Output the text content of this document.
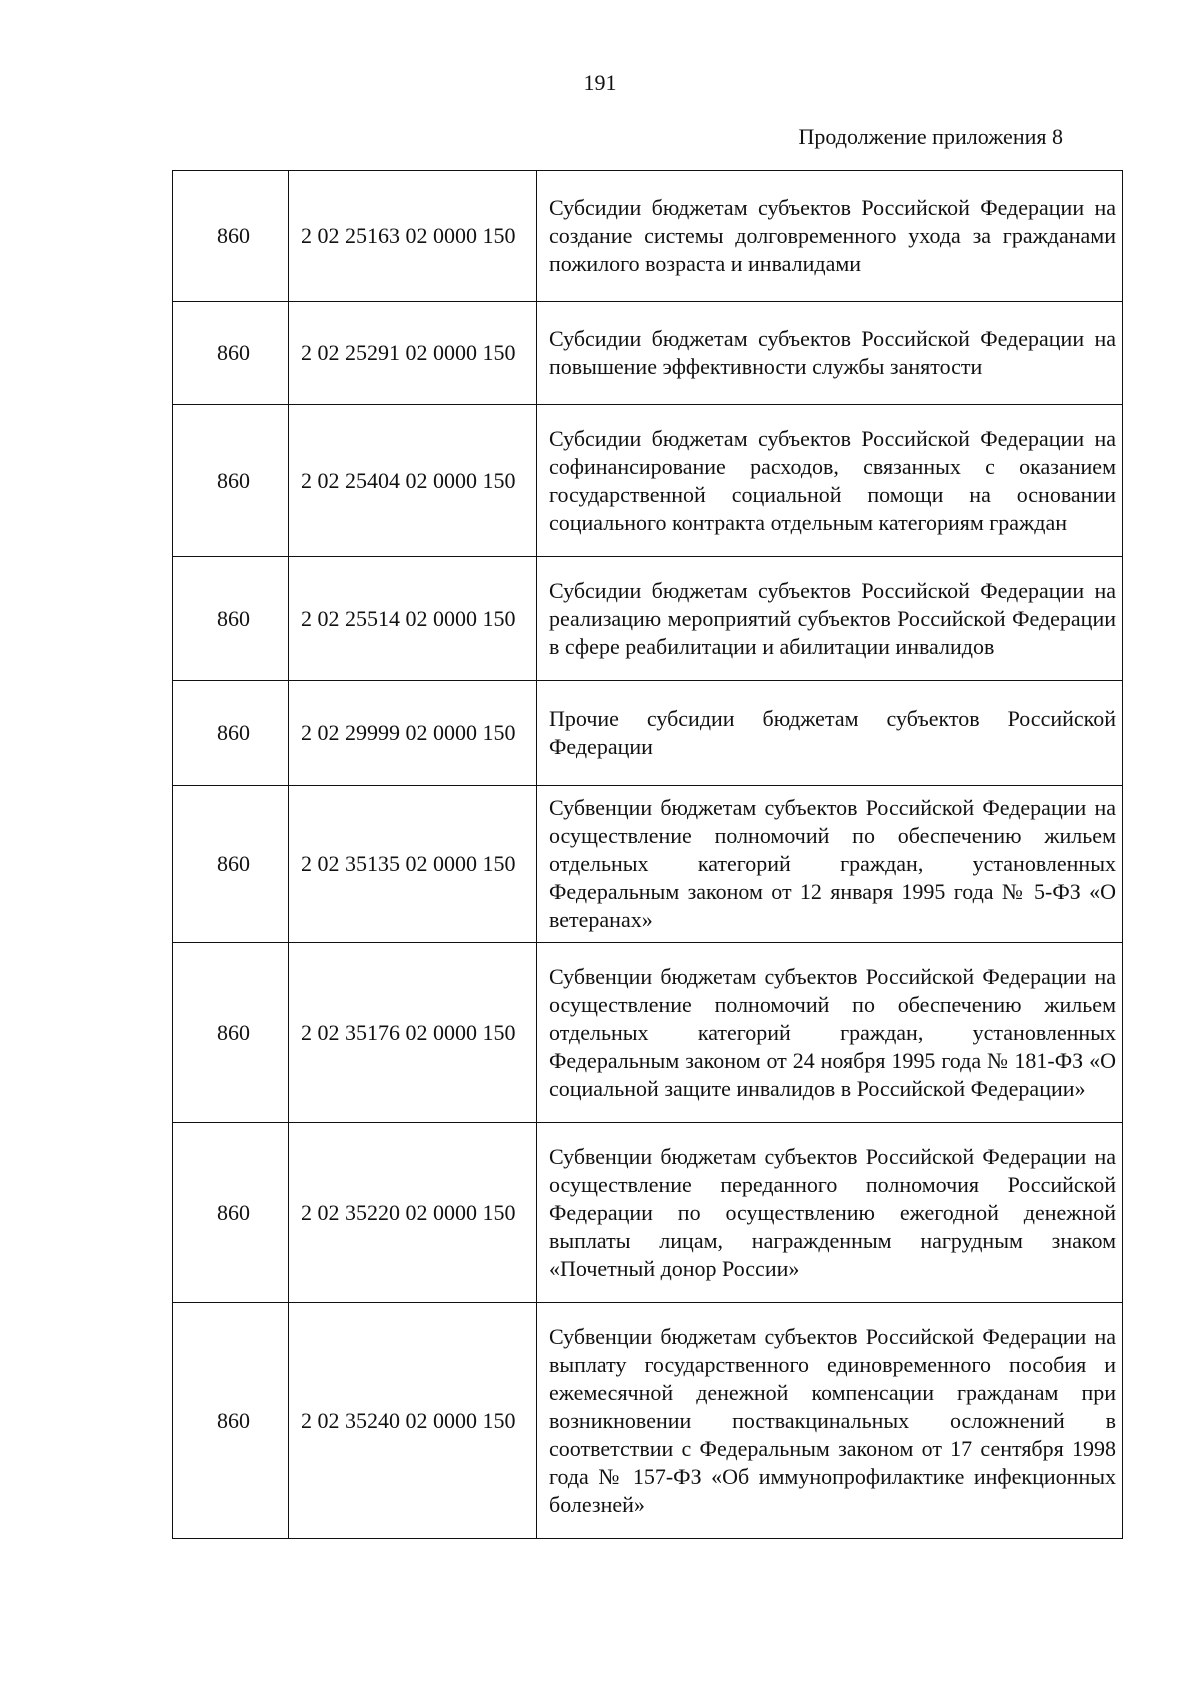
191
Продолжение приложения 8
860	2 02 25163 02 0000 150	Субсидии бюджетам субъектов Российской Федерации на создание системы долговременного ухода за гражданами пожилого возраста и инвалидами
860	2 02 25291 02 0000 150	Субсидии бюджетам субъектов Российской Федерации на повышение эффективности службы занятости
860	2 02 25404 02 0000 150	Субсидии бюджетам субъектов Российской Федерации на софинансирование расходов, связанных с оказанием государственной социальной помощи на основании социального контракта отдельным категориям граждан
860	2 02 25514 02 0000 150	Субсидии бюджетам субъектов Российской Федерации на реализацию мероприятий субъектов Российской Федерации в сфере реабилитации и абилитации инвалидов
860	2 02 29999 02 0000 150	Прочие субсидии бюджетам субъектов Российской Федерации
860	2 02 35135 02 0000 150	Субвенции бюджетам субъектов Российской Федерации на осуществление полномочий по обеспечению жильем отдельных категорий граждан, установленных Федеральным законом от 12 января 1995 года № 5-ФЗ «О ветеранах»
860	2 02 35176 02 0000 150	Субвенции бюджетам субъектов Российской Федерации на осуществление полномочий по обеспечению жильем отдельных категорий граждан, установленных Федеральным законом от 24 ноября 1995 года № 181-ФЗ «О социальной защите инвалидов в Российской Федерации»
860	2 02 35220 02 0000 150	Субвенции бюджетам субъектов Российской Федерации на осуществление переданного полномочия Российской Федерации по осуществлению ежегодной денежной выплаты лицам, награжденным нагрудным знаком «Почетный донор России»
860	2 02 35240 02 0000 150	Субвенции бюджетам субъектов Российской Федерации на выплату государственного единовременного пособия и ежемесячной денежной компенсации гражданам при возникновении поствакцинальных осложнений в соответствии с Федеральным законом от 17 сентября 1998 года № 157-ФЗ «Об иммунопрофилактике инфекционных болезней»
